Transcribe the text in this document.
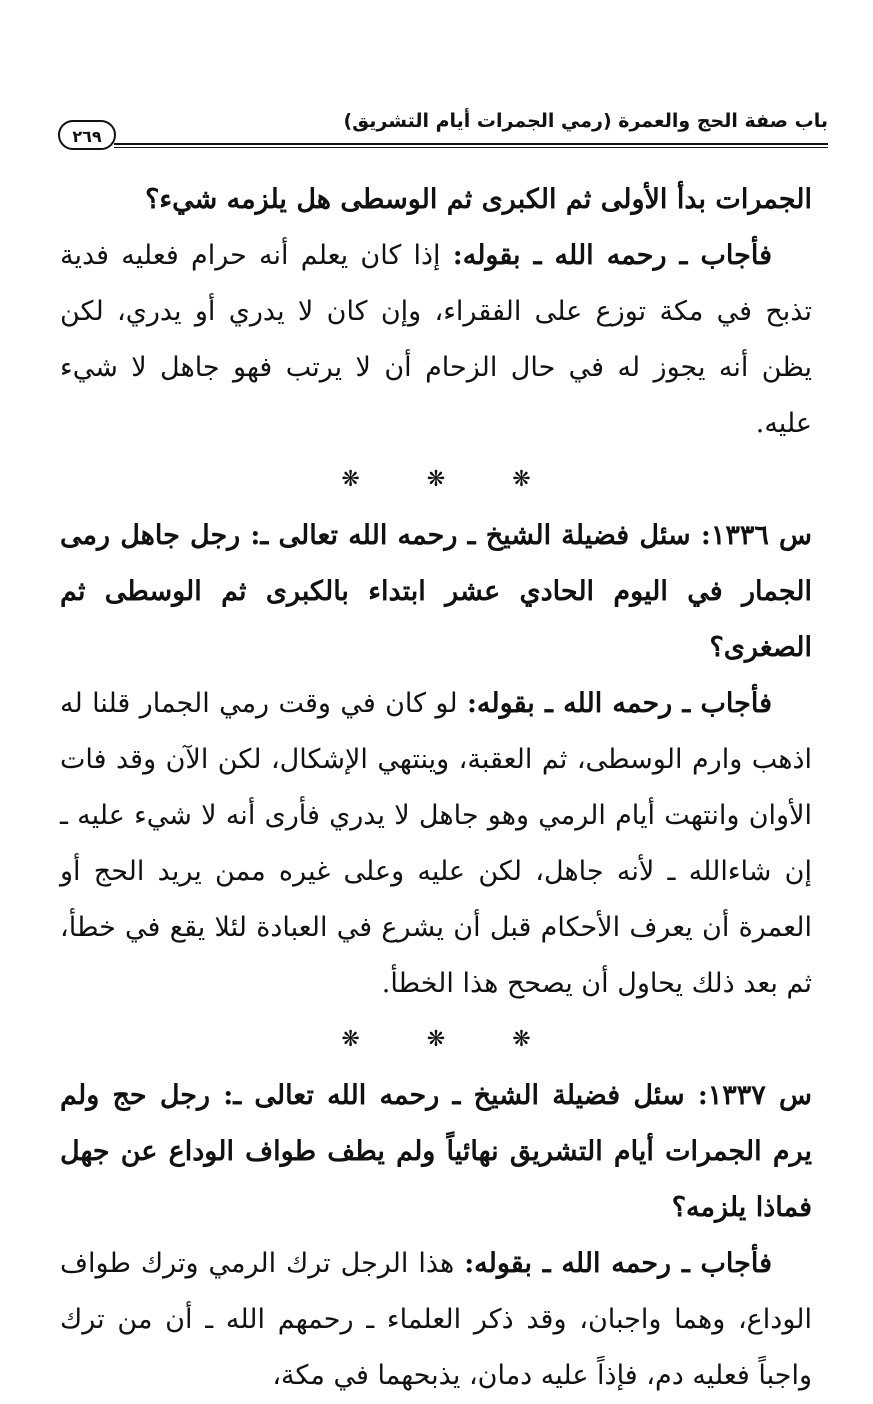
٢٦٩
باب صفة الحج والعمرة (رمي الجمرات أيام التشريق)

الجمرات بدأ الأولى ثم الكبرى ثم الوسطى هل يلزمه شيء؟

فأجاب ـ رحمه الله ـ بقوله: إذا كان يعلم أنه حرام فعليه فدية تذبح في مكة توزع على الفقراء، وإن كان لا يدري أو يدري، لكن يظن أنه يجوز له في حال الزحام أن لا يرتب فهو جاهل لا شيء عليه.

❋ ❋ ❋

س ١٣٣٦: سئل فضيلة الشيخ ـ رحمه الله تعالى ـ: رجل جاهل رمى الجمار في اليوم الحادي عشر ابتداء بالكبرى ثم الوسطى ثم الصغرى؟

فأجاب ـ رحمه الله ـ بقوله: لو كان في وقت رمي الجمار قلنا له اذهب وارم الوسطى، ثم العقبة، وينتهي الإشكال، لكن الآن وقد فات الأوان وانتهت أيام الرمي وهو جاهل لا يدري فأرى أنه لا شيء عليه ـ إن شاءالله ـ لأنه جاهل، لكن عليه وعلى غيره ممن يريد الحج أو العمرة أن يعرف الأحكام قبل أن يشرع في العبادة لئلا يقع في خطأ، ثم بعد ذلك يحاول أن يصحح هذا الخطأ.

❋ ❋ ❋

س ١٣٣٧: سئل فضيلة الشيخ ـ رحمه الله تعالى ـ: رجل حج ولم يرم الجمرات أيام التشريق نهائياً ولم يطف طواف الوداع عن جهل فماذا يلزمه؟

فأجاب ـ رحمه الله ـ بقوله: هذا الرجل ترك الرمي وترك طواف الوداع، وهما واجبان، وقد ذكر العلماء ـ رحمهم الله ـ أن من ترك واجباً فعليه دم، فإذاً عليه دمان، يذبحهما في مكة،
